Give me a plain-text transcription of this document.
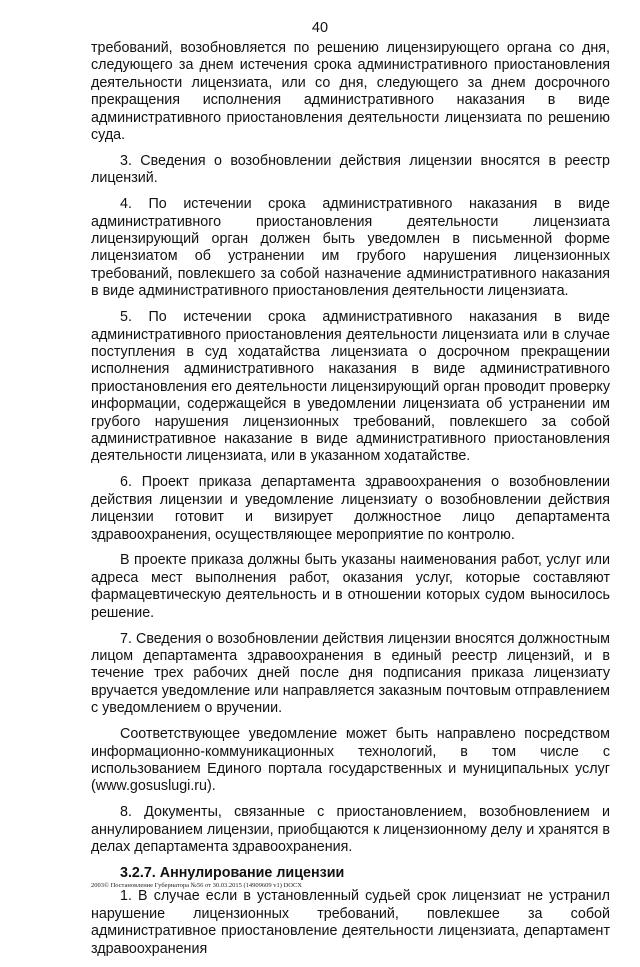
40

требований, возобновляется по решению лицензирующего органа со дня, следующего за днем истечения срока административного приостановления деятельности лицензиата, или со дня, следующего за днем досрочного прекращения исполнения административного наказания в виде административного приостановления деятельности лицензиата по решению суда.

3. Сведения о возобновлении действия лицензии вносятся в реестр лицензий.

4. По истечении срока административного наказания в виде административного приостановления деятельности лицензиата лицензирующий орган должен быть уведомлен в письменной форме лицензиатом об устранении им грубого нарушения лицензионных требований, повлекшего за собой назначение административного наказания в виде административного приостановления деятельности лицензиата.

5. По истечении срока административного наказания в виде административного приостановления деятельности лицензиата или в случае поступления в суд ходатайства лицензиата о досрочном прекращении исполнения административного наказания в виде административного приостановления его деятельности лицензирующий орган проводит проверку информации, содержащейся в уведомлении лицензиата об устранении им грубого нарушения лицензионных требований, повлекшего за собой административное наказание в виде административного приостановления деятельности лицензиата, или в указанном ходатайстве.

6. Проект приказа департамента здравоохранения о возобновлении действия лицензии и уведомление лицензиату о возобновлении действия лицензии готовит и визирует должностное лицо департамента здравоохранения, осуществляющее мероприятие по контролю.

В проекте приказа должны быть указаны наименования работ, услуг или адреса мест выполнения работ, оказания услуг, которые составляют фармацевтическую деятельность и в отношении которых судом выносилось решение.

7. Сведения о возобновлении действия лицензии вносятся должностным лицом департамента здравоохранения в единый реестр лицензий, и в течение трех рабочих дней после дня подписания приказа лицензиату вручается уведомление или направляется заказным почтовым отправлением с уведомлением о вручении.

Соответствующее уведомление может быть направлено посредством информационно-коммуникационных технологий, в том числе с использованием Единого портала государственных и муниципальных услуг (www.gosuslugi.ru).

8. Документы, связанные с приостановлением, возобновлением и аннулированием лицензии, приобщаются к лицензионному делу и хранятся в делах департамента здравоохранения.

3.2.7. Аннулирование лицензии

1. В случае если в установленный судьей срок лицензиат не устранил нарушение лицензионных требований, повлекшее за собой административное приостановление деятельности лицензиата, департамент здравоохранения

2003© Постановление Губернатора №56 от 30.03.2015 (14909609 v1) DOCX
